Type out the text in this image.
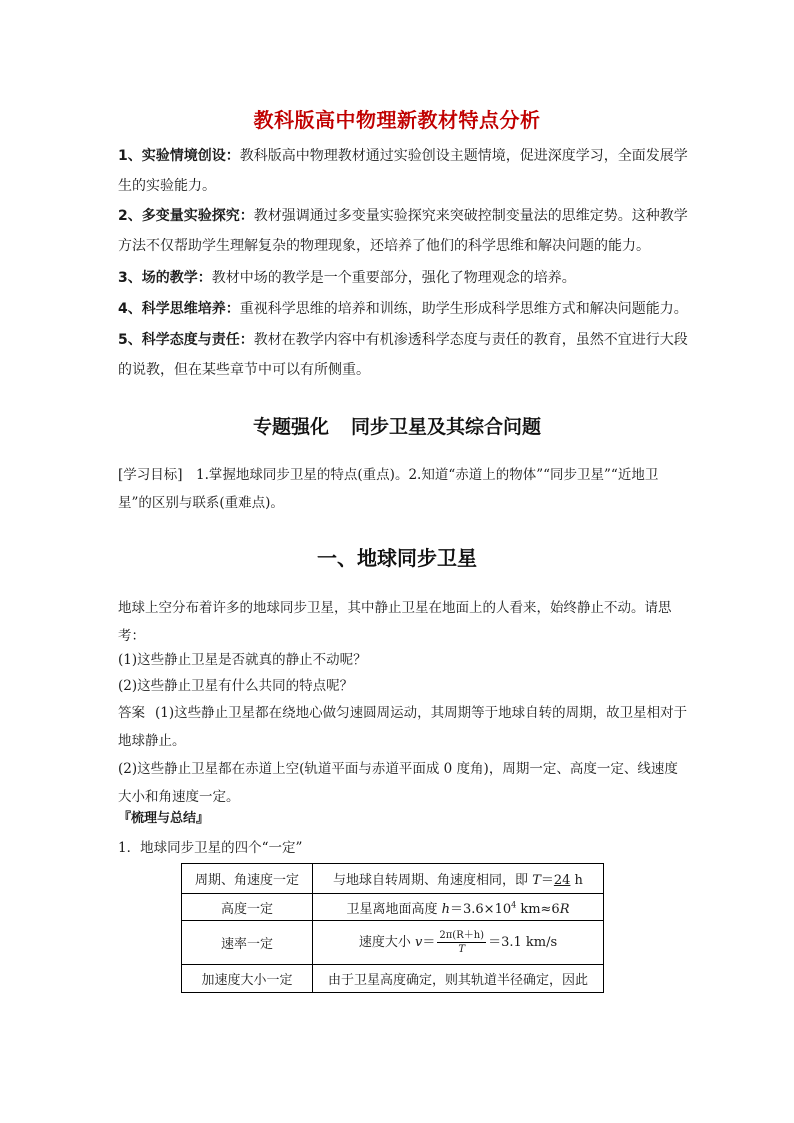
教科版高中物理新教材特点分析
1、实验情境创设：教科版高中物理教材通过实验创设主题情境，促进深度学习，全面发展学生的实验能力。
2、多变量实验探究：教材强调通过多变量实验探究来突破控制变量法的思维定势。这种教学方法不仅帮助学生理解复杂的物理现象，还培养了他们的科学思维和解决问题的能力。
3、场的教学：教材中场的教学是一个重要部分，强化了物理观念的培养。
4、科学思维培养：重视科学思维的培养和训练，助学生形成科学思维方式和解决问题能力。
5、科学态度与责任：教材在教学内容中有机渗透科学态度与责任的教育，虽然不宜进行大段的说教，但在某些章节中可以有所侧重。
专题强化 同步卫星及其综合问题
[学习目标]　1.掌握地球同步卫星的特点(重点)。2.知道“赤道上的物体”“同步卫星”“近地卫星”的区别与联系(重难点)。
一、地球同步卫星
地球上空分布着许多的地球同步卫星，其中静止卫星在地面上的人看来，始终静止不动。请思考：
(1)这些静止卫星是否就真的静止不动呢？
(2)这些静止卫星有什么共同的特点呢？
答案 (1)这些静止卫星都在绕地心做匀速圆周运动，其周期等于地球自转的周期，故卫星相对于地球静止。
(2)这些静止卫星都在赤道上空(轨道平面与赤道平面成 0 度角)，周期一定、高度一定、线速度大小和角速度一定。
『梳理与总结』
1．地球同步卫星的四个“一定”
周期、角速度一定	与地球自转周期、角速度相同，即 T＝24 h
高度一定	卫星离地面高度 $h=3.6\times 10^4$ km≈6R
速率一定	速度大小 $v= \frac{2\pi(R+h)}{T} =3.1$ km/s
加速度大小一定	由于卫星高度确定，则其轨道半径确定，因此
